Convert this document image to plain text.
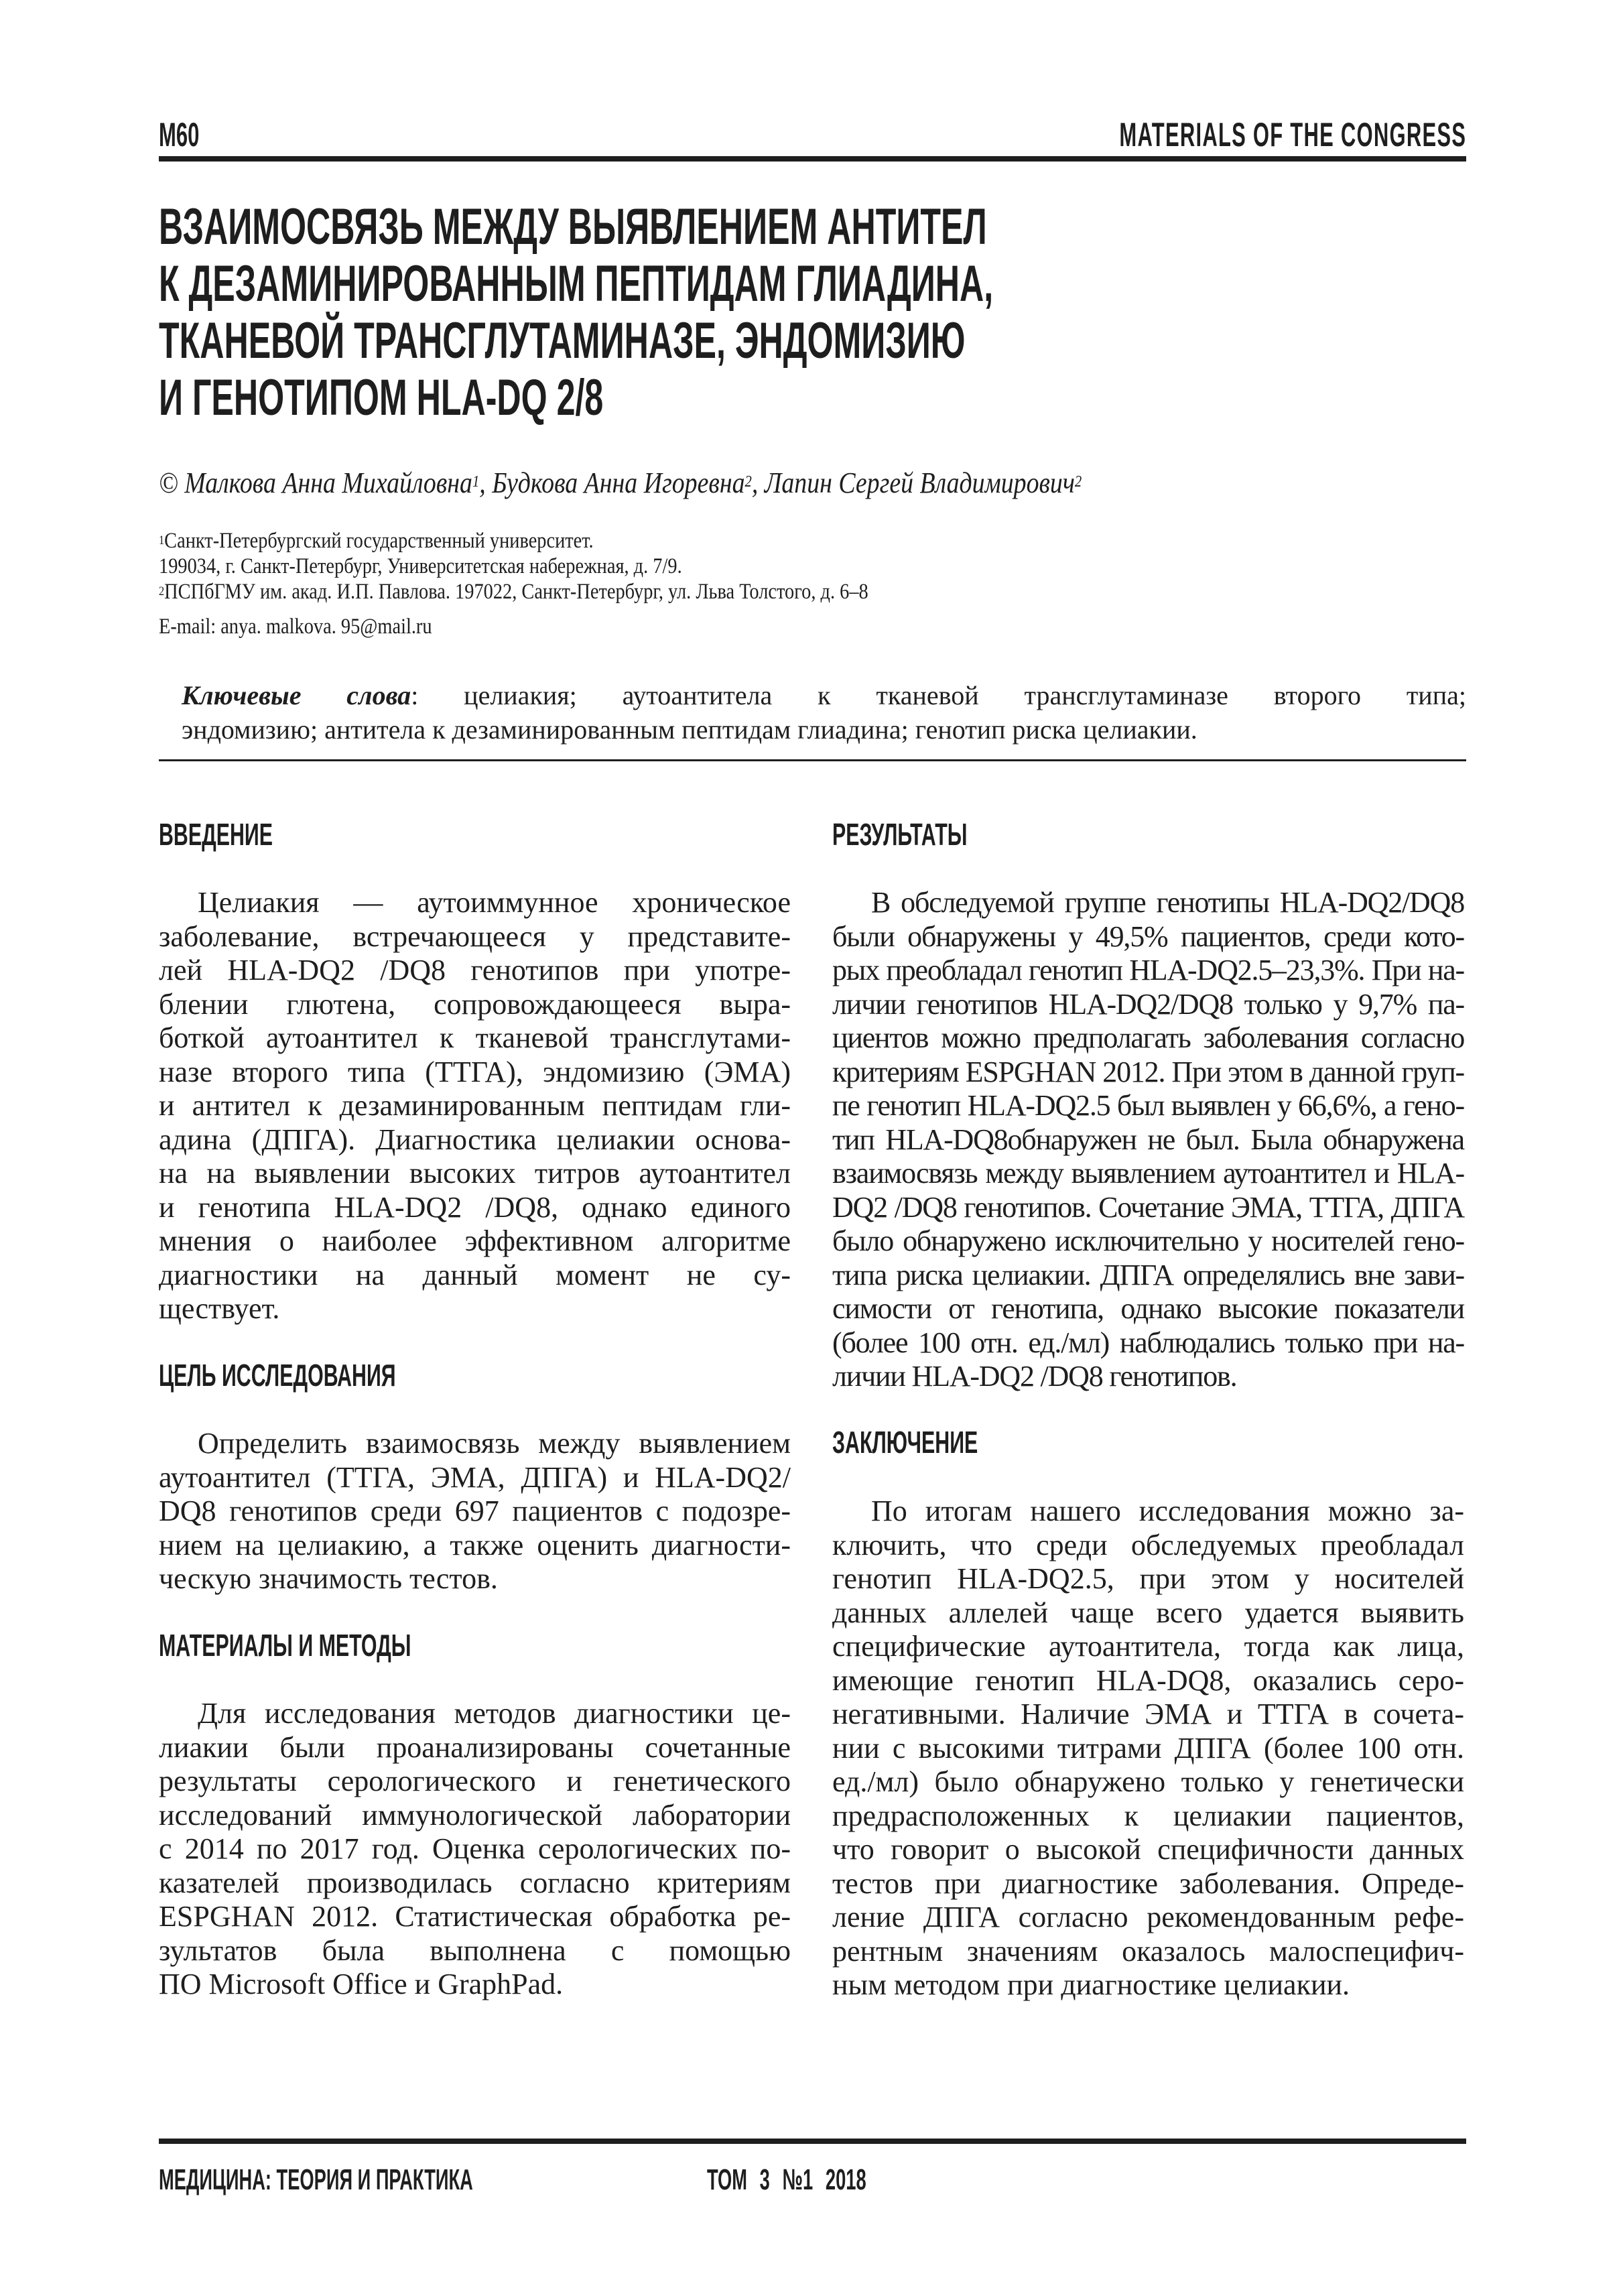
M60	MATERIALS OF THE CONGRESS
ВЗАИМОСВЯЗЬ МЕЖДУ ВЫЯВЛЕНИЕМ АНТИТЕЛ
К ДЕЗАМИНИРОВАННЫМ ПЕПТИДАМ ГЛИАДИНА,
ТКАНЕВОЙ ТРАНСГЛУТАМИНАЗЕ, ЭНДОМИЗИЮ
И ГЕНОТИПОМ HLA-DQ 2/8
© Малкова Анна Михайловна$^1$, Будкова Анна Игоревна$^2$, Лапин Сергей Владимирович$^2$
$^1$Санкт-Петербургский государственный университет.
199034, г. Санкт-Петербург, Университетская набережная, д. 7/9.
$^2$ПСПбГМУ им. акад. И.П. Павлова. 197022, Санкт-Петербург, ул. Льва Толстого, д. 6–8
E-mail: anya. malkova. 95@mail.ru
Ключевые слова: целиакия; аутоантитела к тканевой трансглутаминазе второго типа;
эндомизию; антитела к дезаминированным пептидам глиадина; генотип риска целиакии.
ВВЕДЕНИЕ
Целиакия — аутоиммунное хроническое
заболевание, встречающееся у представите-
лей HLA-DQ2 /DQ8 генотипов при употре-
блении глютена, сопровождающееся выра-
боткой аутоантител к тканевой трансглутами-
назе второго типа (ТТГА), эндомизию (ЭМА)
и антител к дезаминированным пептидам гли-
адина (ДПГА). Диагностика целиакии основа-
на на выявлении высоких титров аутоантител
и генотипа HLA-DQ2 /DQ8, однако единого
мнения о наиболее эффективном алгоритме
диагностики на данный момент не су-
ществует.
ЦЕЛЬ ИССЛЕДОВАНИЯ
Определить взаимосвязь между выявлением
аутоантител (ТТГА, ЭМА, ДПГА) и HLA-DQ2/
DQ8 генотипов среди 697 пациентов с подозре-
нием на целиакию, а также оценить диагности-
ческую значимость тестов.
МАТЕРИАЛЫ И МЕТОДЫ
Для исследования методов диагностики це-
лиакии были проанализированы сочетанные
результаты серологического и генетического
исследований иммунологической лаборатории
с 2014 по 2017 год. Оценка серологических по-
казателей производилась согласно критериям
ESPGHAN 2012. Статистическая обработка ре-
зультатов была выполнена с помощью
ПО Microsoft Office и GraphPad.
РЕЗУЛЬТАТЫ
В обследуемой группе генотипы HLA-DQ2/DQ8
были обнаружены у 49,5% пациентов, среди кото-
рых преобладал генотип HLA-DQ2.5–23,3%. При на-
личии генотипов HLA-DQ2/DQ8 только у 9,7% па-
циентов можно предполагать заболевания согласно
критериям ESPGHAN 2012. При этом в данной груп-
пе генотип HLA-DQ2.5 был выявлен у 66,6%, а гено-
тип HLA-DQ8обнаружен не был. Была обнаружена
взаимосвязь между выявлением аутоантител и HLA-
DQ2 /DQ8 генотипов. Сочетание ЭМА, ТТГА, ДПГА
было обнаружено исключительно у носителей гено-
типа риска целиакии. ДПГА определялись вне зави-
симости от генотипа, однако высокие показатели
(более 100 отн. ед./мл) наблюдались только при на-
личии HLA-DQ2 /DQ8 генотипов.
ЗАКЛЮЧЕНИЕ
По итогам нашего исследования можно за-
ключить, что среди обследуемых преобладал
генотип HLA-DQ2.5, при этом у носителей
данных аллелей чаще всего удается выявить
специфические аутоантитела, тогда как лица,
имеющие генотип HLA-DQ8, оказались серо-
негативными. Наличие ЭМА и ТТГА в сочета-
нии с высокими титрами ДПГА (более 100 отн.
ед./мл) было обнаружено только у генетически
предрасположенных к целиакии пациентов,
что говорит о высокой специфичности данных
тестов при диагностике заболевания. Опреде-
ление ДПГА согласно рекомендованным рефе-
рентным значениям оказалось малоспецифич-
ным методом при диагностике целиакии.
МЕДИЦИНА: ТЕОРИЯ И ПРАКТИКА	ТОМ 3 №1 2018
